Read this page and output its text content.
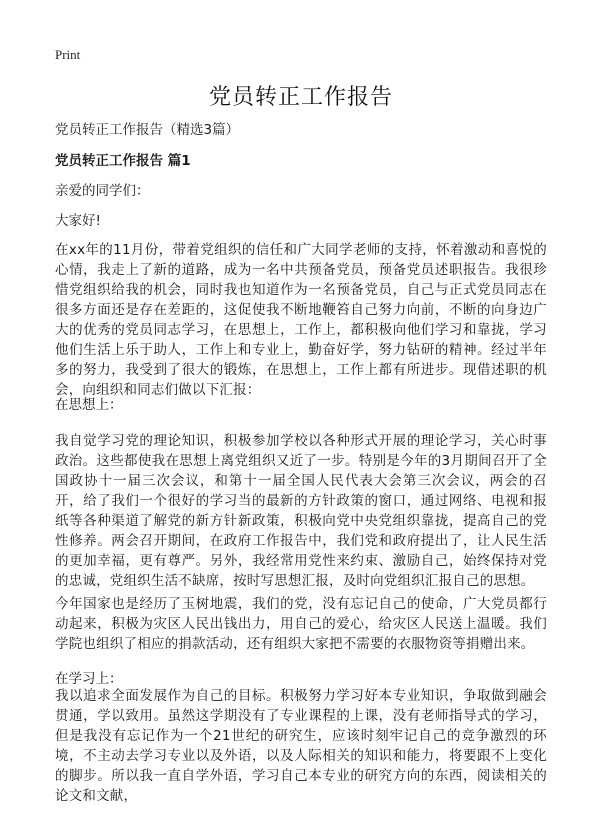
Print
党员转正工作报告
党员转正工作报告（精选3篇）
党员转正工作报告 篇1
亲爱的同学们：
大家好!

在xx年的11月份，带着党组织的信任和广大同学老师的支持，怀着激动和喜悦的心情，我走上了新的道路，成为一名中共预备党员，预备党员述职报告。我很珍惜党组织给我的机会，同时我也知道作为一名预备党员，自己与正式党员同志在很多方面还是存在差距的，这促使我不断地鞭笞自己努力向前，不断的向身边广大的优秀的党员同志学习，在思想上，工作上，都积极向他们学习和靠拢，学习他们生活上乐于助人，工作上和专业上，勤奋好学，努力钻研的精神。经过半年多的努力，我受到了很大的锻炼，在思想上，工作上都有所进步。现借述职的机会，向组织和同志们做以下汇报：

在思想上：

我自觉学习党的理论知识，积极参加学校以各种形式开展的理论学习，关心时事政治。这些都使我在思想上离党组织又近了一步。特别是今年的3月期间召开了全国政协十一届三次会议，和第十一届全国人民代表大会第三次会议，两会的召开，给了我们一个很好的学习当的最新的方针政策的窗口，通过网络、电视和报纸等各种渠道了解党的新方针新政策，积极向党中央党组织靠拢，提高自己的党性修养。两会召开期间，在政府工作报告中，我们党和政府提出了，让人民生活的更加幸福，更有尊严。另外，我经常用党性来约束、激励自己，始终保持对党的忠诚，党组织生活不缺席，按时写思想汇报，及时向党组织汇报自己的思想。

今年国家也是经历了玉树地震，我们的党，没有忘记自己的使命，广大党员都行动起来，积极为灾区人民出钱出力，用自己的爱心，给灾区人民送上温暖。我们学院也组织了相应的捐款活动，还有组织大家把不需要的衣服物资等捐赠出来。

在学习上：

我以追求全面发展作为自己的目标。积极努力学习好本专业知识，争取做到融会贯通，学以致用。虽然这学期没有了专业课程的上课，没有老师指导式的学习，但是我没有忘记作为一个21世纪的研究生，应该时刻牢记自己的竞争激烈的环境，不主动去学习专业以及外语，以及人际相关的知识和能力，将要跟不上变化的脚步。所以我一直自学外语，学习自己本专业的研究方向的东西，阅读相关的论文和文献，
